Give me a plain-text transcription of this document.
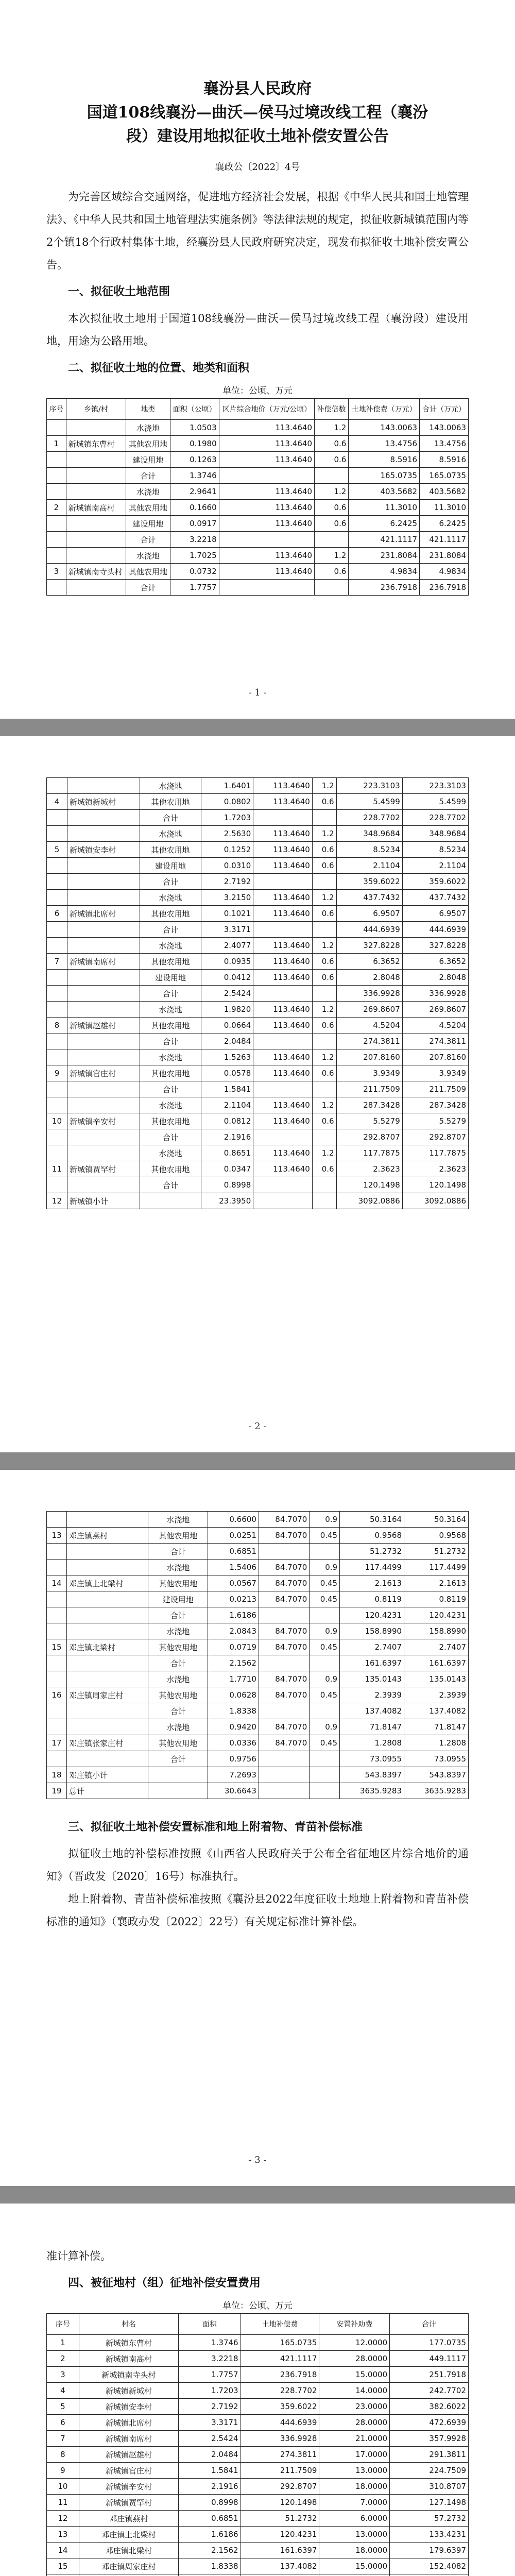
襄汾县人民政府
国道108线襄汾—曲沃—侯马过境改线工程（襄汾
段）建设用地拟征收土地补偿安置公告
襄政公〔2022〕4号

为完善区域综合交通网络，促进地方经济社会发展，根据《中华人民共和国土地管理法》、《中华人民共和国土地管理法实施条例》等法律法规的规定，拟征收新城镇范围内等2个镇18个行政村集体土地，经襄汾县人民政府研究决定，现发布拟征收土地补偿安置公告。

一、拟征收土地范围

本次拟征收土地用于国道108线襄汾—曲沃—侯马过境改线工程（襄汾段）建设用地，用途为公路用地。

二、拟征收土地的位置、地类和面积
单位：公顷、万元
序号	乡镇/村	地类	面积（公顷）	区片综合地价（万元/公顷）	补偿倍数	土地补偿费（万元）	合计（万元）
		水浇地	1.0503	113.4640	1.2	143.0063	143.0063
1	新城镇东曹村	其他农用地	0.1980	113.4640	0.6	13.4756	13.4756
		建设用地	0.1263	113.4640	0.6	8.5916	8.5916
		合计	1.3746			165.0735	165.0735
		水浇地	2.9641	113.4640	1.2	403.5682	403.5682
2	新城镇南高村	其他农用地	0.1660	113.4640	0.6	11.3010	11.3010
		建设用地	0.0917	113.4640	0.6	6.2425	6.2425
		合计	3.2218			421.1117	421.1117
		水浇地	1.7025	113.4640	1.2	231.8084	231.8084
3	新城镇南寺头村	其他农用地	0.0732	113.4640	0.6	4.9834	4.9834
		合计	1.7757			236.7918	236.7918
- 1 -
		水浇地	1.6401	113.4640	1.2	223.3103	223.3103
4	新城镇新城村	其他农用地	0.0802	113.4640	0.6	5.4599	5.4599
		合计	1.7203			228.7702	228.7702
		水浇地	2.5630	113.4640	1.2	348.9684	348.9684
5	新城镇安李村	其他农用地	0.1252	113.4640	0.6	8.5234	8.5234
		建设用地	0.0310	113.4640	0.6	2.1104	2.1104
		合计	2.7192			359.6022	359.6022
		水浇地	3.2150	113.4640	1.2	437.7432	437.7432
6	新城镇北席村	其他农用地	0.1021	113.4640	0.6	6.9507	6.9507
		合计	3.3171			444.6939	444.6939
		水浇地	2.4077	113.4640	1.2	327.8228	327.8228
7	新城镇南席村	其他农用地	0.0935	113.4640	0.6	6.3652	6.3652
		建设用地	0.0412	113.4640	0.6	2.8048	2.8048
		合计	2.5424			336.9928	336.9928
		水浇地	1.9820	113.4640	1.2	269.8607	269.8607
8	新城镇赵雄村	其他农用地	0.0664	113.4640	0.6	4.5204	4.5204
		合计	2.0484			274.3811	274.3811
		水浇地	1.5263	113.4640	1.2	207.8160	207.8160
9	新城镇官庄村	其他农用地	0.0578	113.4640	0.6	3.9349	3.9349
		合计	1.5841			211.7509	211.7509
		水浇地	2.1104	113.4640	1.2	287.3428	287.3428
10	新城镇辛安村	其他农用地	0.0812	113.4640	0.6	5.5279	5.5279
		合计	2.1916			292.8707	292.8707
		水浇地	0.8651	113.4640	1.2	117.7875	117.7875
11	新城镇贾罕村	其他农用地	0.0347	113.4640	0.6	2.3623	2.3623
		合计	0.8998			120.1498	120.1498
12	新城镇小计		23.3950			3092.0886	3092.0886
- 2 -
		水浇地	0.6600	84.7070	0.9	50.3164	50.3164
13	邓庄镇燕村	其他农用地	0.0251	84.7070	0.45	0.9568	0.9568
		合计	0.6851			51.2732	51.2732
		水浇地	1.5406	84.7070	0.9	117.4499	117.4499
14	邓庄镇上北梁村	其他农用地	0.0567	84.7070	0.45	2.1613	2.1613
		建设用地	0.0213	84.7070	0.45	0.8119	0.8119
		合计	1.6186			120.4231	120.4231
		水浇地	2.0843	84.7070	0.9	158.8990	158.8990
15	邓庄镇北梁村	其他农用地	0.0719	84.7070	0.45	2.7407	2.7407
		合计	2.1562			161.6397	161.6397
		水浇地	1.7710	84.7070	0.9	135.0143	135.0143
16	邓庄镇周家庄村	其他农用地	0.0628	84.7070	0.45	2.3939	2.3939
		合计	1.8338			137.4082	137.4082
		水浇地	0.9420	84.7070	0.9	71.8147	71.8147
17	邓庄镇张家庄村	其他农用地	0.0336	84.7070	0.45	1.2808	1.2808
		合计	0.9756			73.0955	73.0955
18	邓庄镇小计		7.2693			543.8397	543.8397
19	总计		30.6643			3635.9283	3635.9283
三、拟征收土地补偿安置标准和地上附着物、青苗补偿标准

拟征收土地的补偿标准按照《山西省人民政府关于公布全省征地区片综合地价的通知》（晋政发〔2020〕16号）标准执行。

地上附着物、青苗补偿标准按照《襄汾县2022年度征收土地地上附着物和青苗补偿标准的通知》（襄政办发〔2022〕22号）有关规定标准计算补偿。

- 3 -

准计算补偿。

四、被征地村（组）征地补偿安置费用
单位：公顷、万元
序号	村名	面积	土地补偿费	安置补助费	合计
1	新城镇东曹村	1.3746	165.0735	12.0000	177.0735
2	新城镇南高村	3.2218	421.1117	28.0000	449.1117
3	新城镇南寺头村	1.7757	236.7918	15.0000	251.7918
4	新城镇新城村	1.7203	228.7702	14.0000	242.7702
5	新城镇安李村	2.7192	359.6022	23.0000	382.6022
6	新城镇北席村	3.3171	444.6939	28.0000	472.6939
7	新城镇南席村	2.5424	336.9928	21.0000	357.9928
8	新城镇赵雄村	2.0484	274.3811	17.0000	291.3811
9	新城镇官庄村	1.5841	211.7509	13.0000	224.7509
10	新城镇辛安村	2.1916	292.8707	18.0000	310.8707
11	新城镇贾罕村	0.8998	120.1498	7.0000	127.1498
12	邓庄镇燕村	0.6851	51.2732	6.0000	57.2732
13	邓庄镇上北梁村	1.6186	120.4231	13.0000	133.4231
14	邓庄镇北梁村	2.1562	161.6397	18.0000	179.6397
15	邓庄镇周家庄村	1.8338	137.4082	15.0000	152.4082
